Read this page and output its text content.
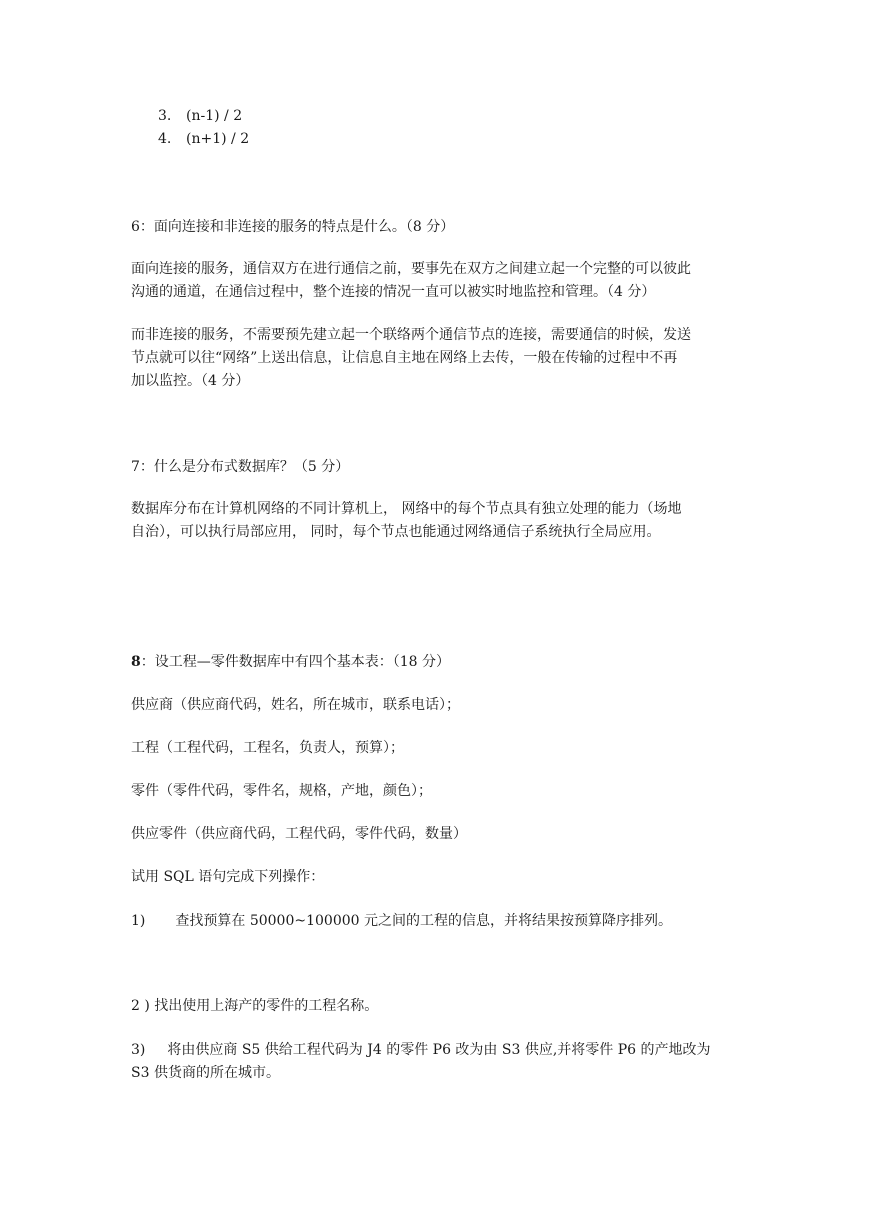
3. (n-1) / 2
4. (n+1) / 2
6：面向连接和非连接的服务的特点是什么。（8 分）
面向连接的服务，通信双方在进行通信之前，要事先在双方之间建立起一个完整的可以彼此
沟通的通道，在通信过程中，整个连接的情况一直可以被实时地监控和管理。（4 分）
而非连接的服务，不需要预先建立起一个联络两个通信节点的连接，需要通信的时候，发送
节点就可以往“网络”上送出信息，让信息自主地在网络上去传，一般在传输的过程中不再
加以监控。（4 分）
7：什么是分布式数据库？（5 分）
数据库分布在计算机网络的不同计算机上， 网络中的每个节点具有独立处理的能力（场地
自治），可以执行局部应用， 同时，每个节点也能通过网络通信子系统执行全局应用。
8：设工程—零件数据库中有四个基本表：（18 分）
供应商（供应商代码，姓名，所在城市，联系电话）；
工程（工程代码，工程名，负责人，预算）；
零件（零件代码，零件名，规格，产地，颜色）；
供应零件（供应商代码，工程代码，零件代码，数量）
试用 SQL 语句完成下列操作：
1) 查找预算在 50000~100000 元之间的工程的信息，并将结果按预算降序排列。
2 ) 找出使用上海产的零件的工程名称。
3) 将由供应商 S5 供给工程代码为 J4 的零件 P6 改为由 S3 供应,并将零件 P6 的产地改为
S3 供货商的所在城市。
